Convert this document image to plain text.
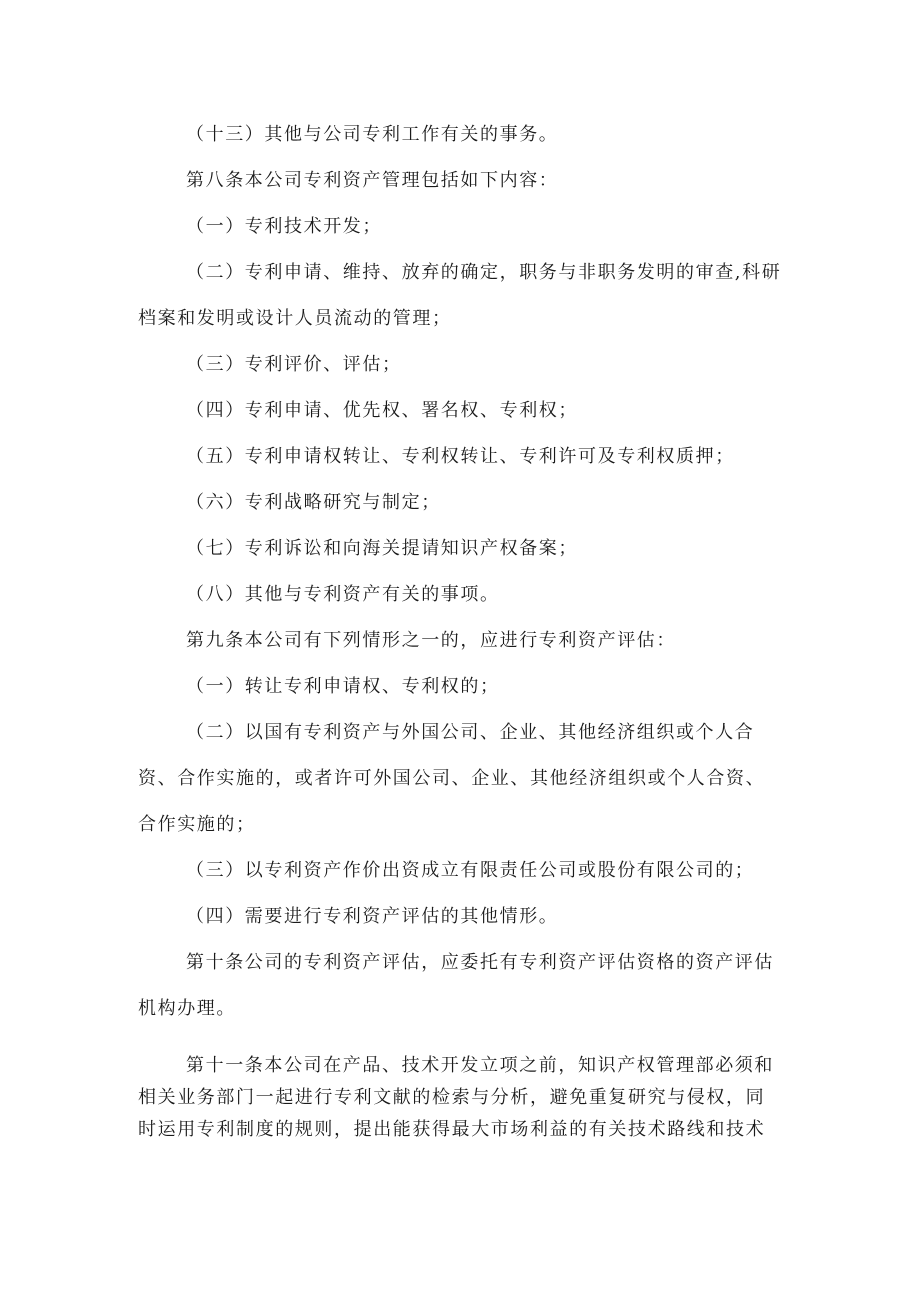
（十三）其他与公司专利工作有关的事务。

第八条本公司专利资产管理包括如下内容：

（一）专利技术开发；

（二）专利申请、维持、放弃的确定，职务与非职务发明的审查,科研档案和发明或设计人员流动的管理；

（三）专利评价、评估；

（四）专利申请、优先权、署名权、专利权；

（五）专利申请权转让、专利权转让、专利许可及专利权质押；

（六）专利战略研究与制定；

（七）专利诉讼和向海关提请知识产权备案；

（八）其他与专利资产有关的事项。

第九条本公司有下列情形之一的，应进行专利资产评估：

（一）转让专利申请权、专利权的；

（二）以国有专利资产与外国公司、企业、其他经济组织或个人合资、合作实施的，或者许可外国公司、企业、其他经济组织或个人合资、合作实施的；

（三）以专利资产作价出资成立有限责任公司或股份有限公司的；

（四）需要进行专利资产评估的其他情形。

第十条公司的专利资产评估，应委托有专利资产评估资格的资产评估机构办理。

第十一条本公司在产品、技术开发立项之前，知识产权管理部必须和相关业务部门一起进行专利文献的检索与分析，避免重复研究与侵权，同时运用专利制度的规则，提出能获得最大市场利益的有关技术路线和技术
